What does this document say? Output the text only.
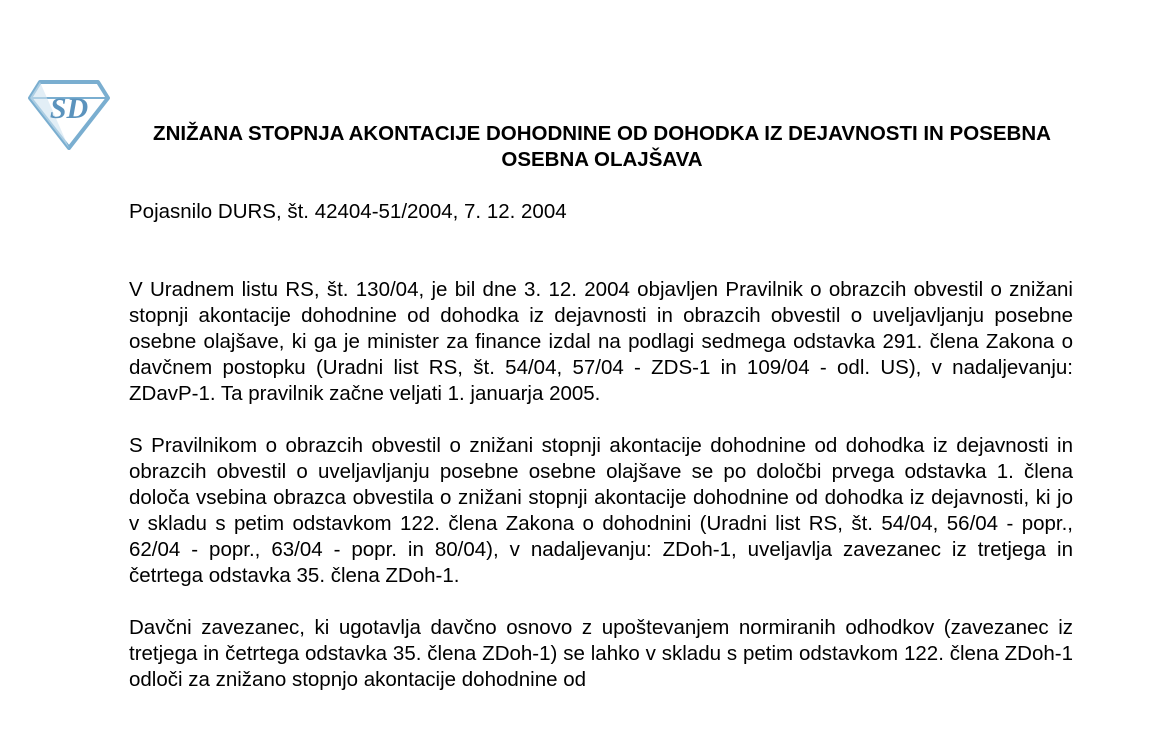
SD
ZNIŽANA STOPNJA AKONTACIJE DOHODNINE OD DOHODKA IZ DEJAVNOSTI IN POSEBNA OSEBNA OLAJŠAVA

Pojasnilo DURS, št. 42404-51/2004, 7. 12. 2004

V Uradnem listu RS, št. 130/04, je bil dne 3. 12. 2004 objavljen Pravilnik o obrazcih obvestil o znižani stopnji akontacije dohodnine od dohodka iz dejavnosti in obrazcih obvestil o uveljavljanju posebne osebne olajšave, ki ga je minister za finance izdal na podlagi sedmega odstavka 291. člena Zakona o davčnem postopku (Uradni list RS, št. 54/04, 57/04 - ZDS-1 in 109/04 - odl. US), v nadaljevanju: ZDavP-1. Ta pravilnik začne veljati 1. januarja 2005.

S Pravilnikom o obrazcih obvestil o znižani stopnji akontacije dohodnine od dohodka iz dejavnosti in obrazcih obvestil o uveljavljanju posebne osebne olajšave se po določbi prvega odstavka 1. člena določa vsebina obrazca obvestila o znižani stopnji akontacije dohodnine od dohodka iz dejavnosti, ki jo v skladu s petim odstavkom 122. člena Zakona o dohodnini (Uradni list RS, št. 54/04, 56/04 - popr., 62/04 - popr., 63/04 - popr. in 80/04), v nadaljevanju: ZDoh-1, uveljavlja zavezanec iz tretjega in četrtega odstavka 35. člena ZDoh-1.

Davčni zavezanec, ki ugotavlja davčno osnovo z upoštevanjem normiranih odhodkov (zavezanec iz tretjega in četrtega odstavka 35. člena ZDoh-1) se lahko v skladu s petim odstavkom 122. člena ZDoh-1 odloči za znižano stopnjo akontacije dohodnine od
